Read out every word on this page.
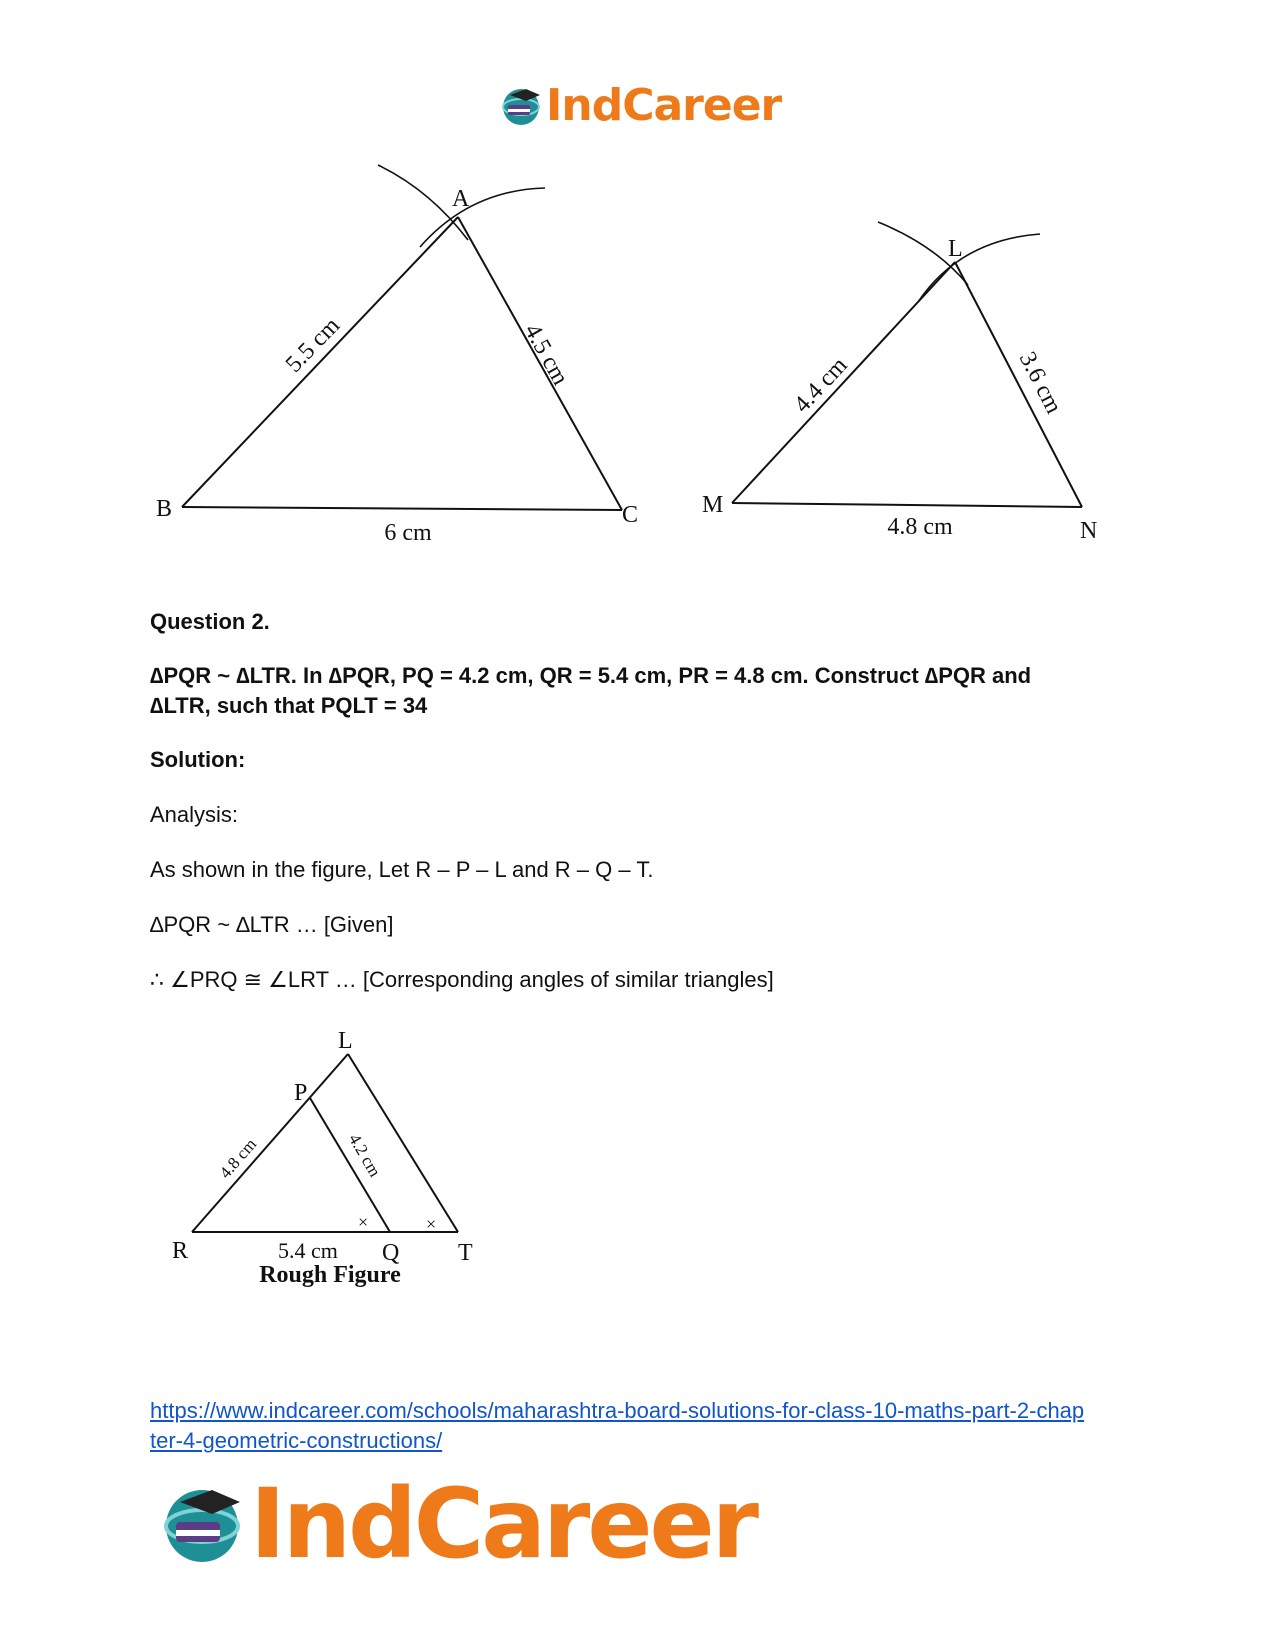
IndCareer
A
B	C
5.5 cm	4.5 cm
6 cm
L
M
N
4.4 cm	3.6 cm
4.8 cm
Question 2.
∆PQR ~ ∆LTR. In ∆PQR, PQ = 4.2 cm, QR = 5.4 cm, PR = 4.8 cm. Construct ∆PQR and
∆LTR, such that PQLT = 34
Solution:
Analysis:
As shown in the figure, Let R – P – L and R – Q – T.
∆PQR ~ ∆LTR … [Given]
∴ ∠PRQ ≅ ∠LRT … [Corresponding angles of similar triangles]
L
P
R	Q T
4.8 cm	4.2 cm
5.4 cm
×	×
Rough Figure
https://www.indcareer.com/schools/maharashtra-board-solutions-for-class-10-maths-part-2-chap
ter-4-geometric-constructions/
IndCareer
